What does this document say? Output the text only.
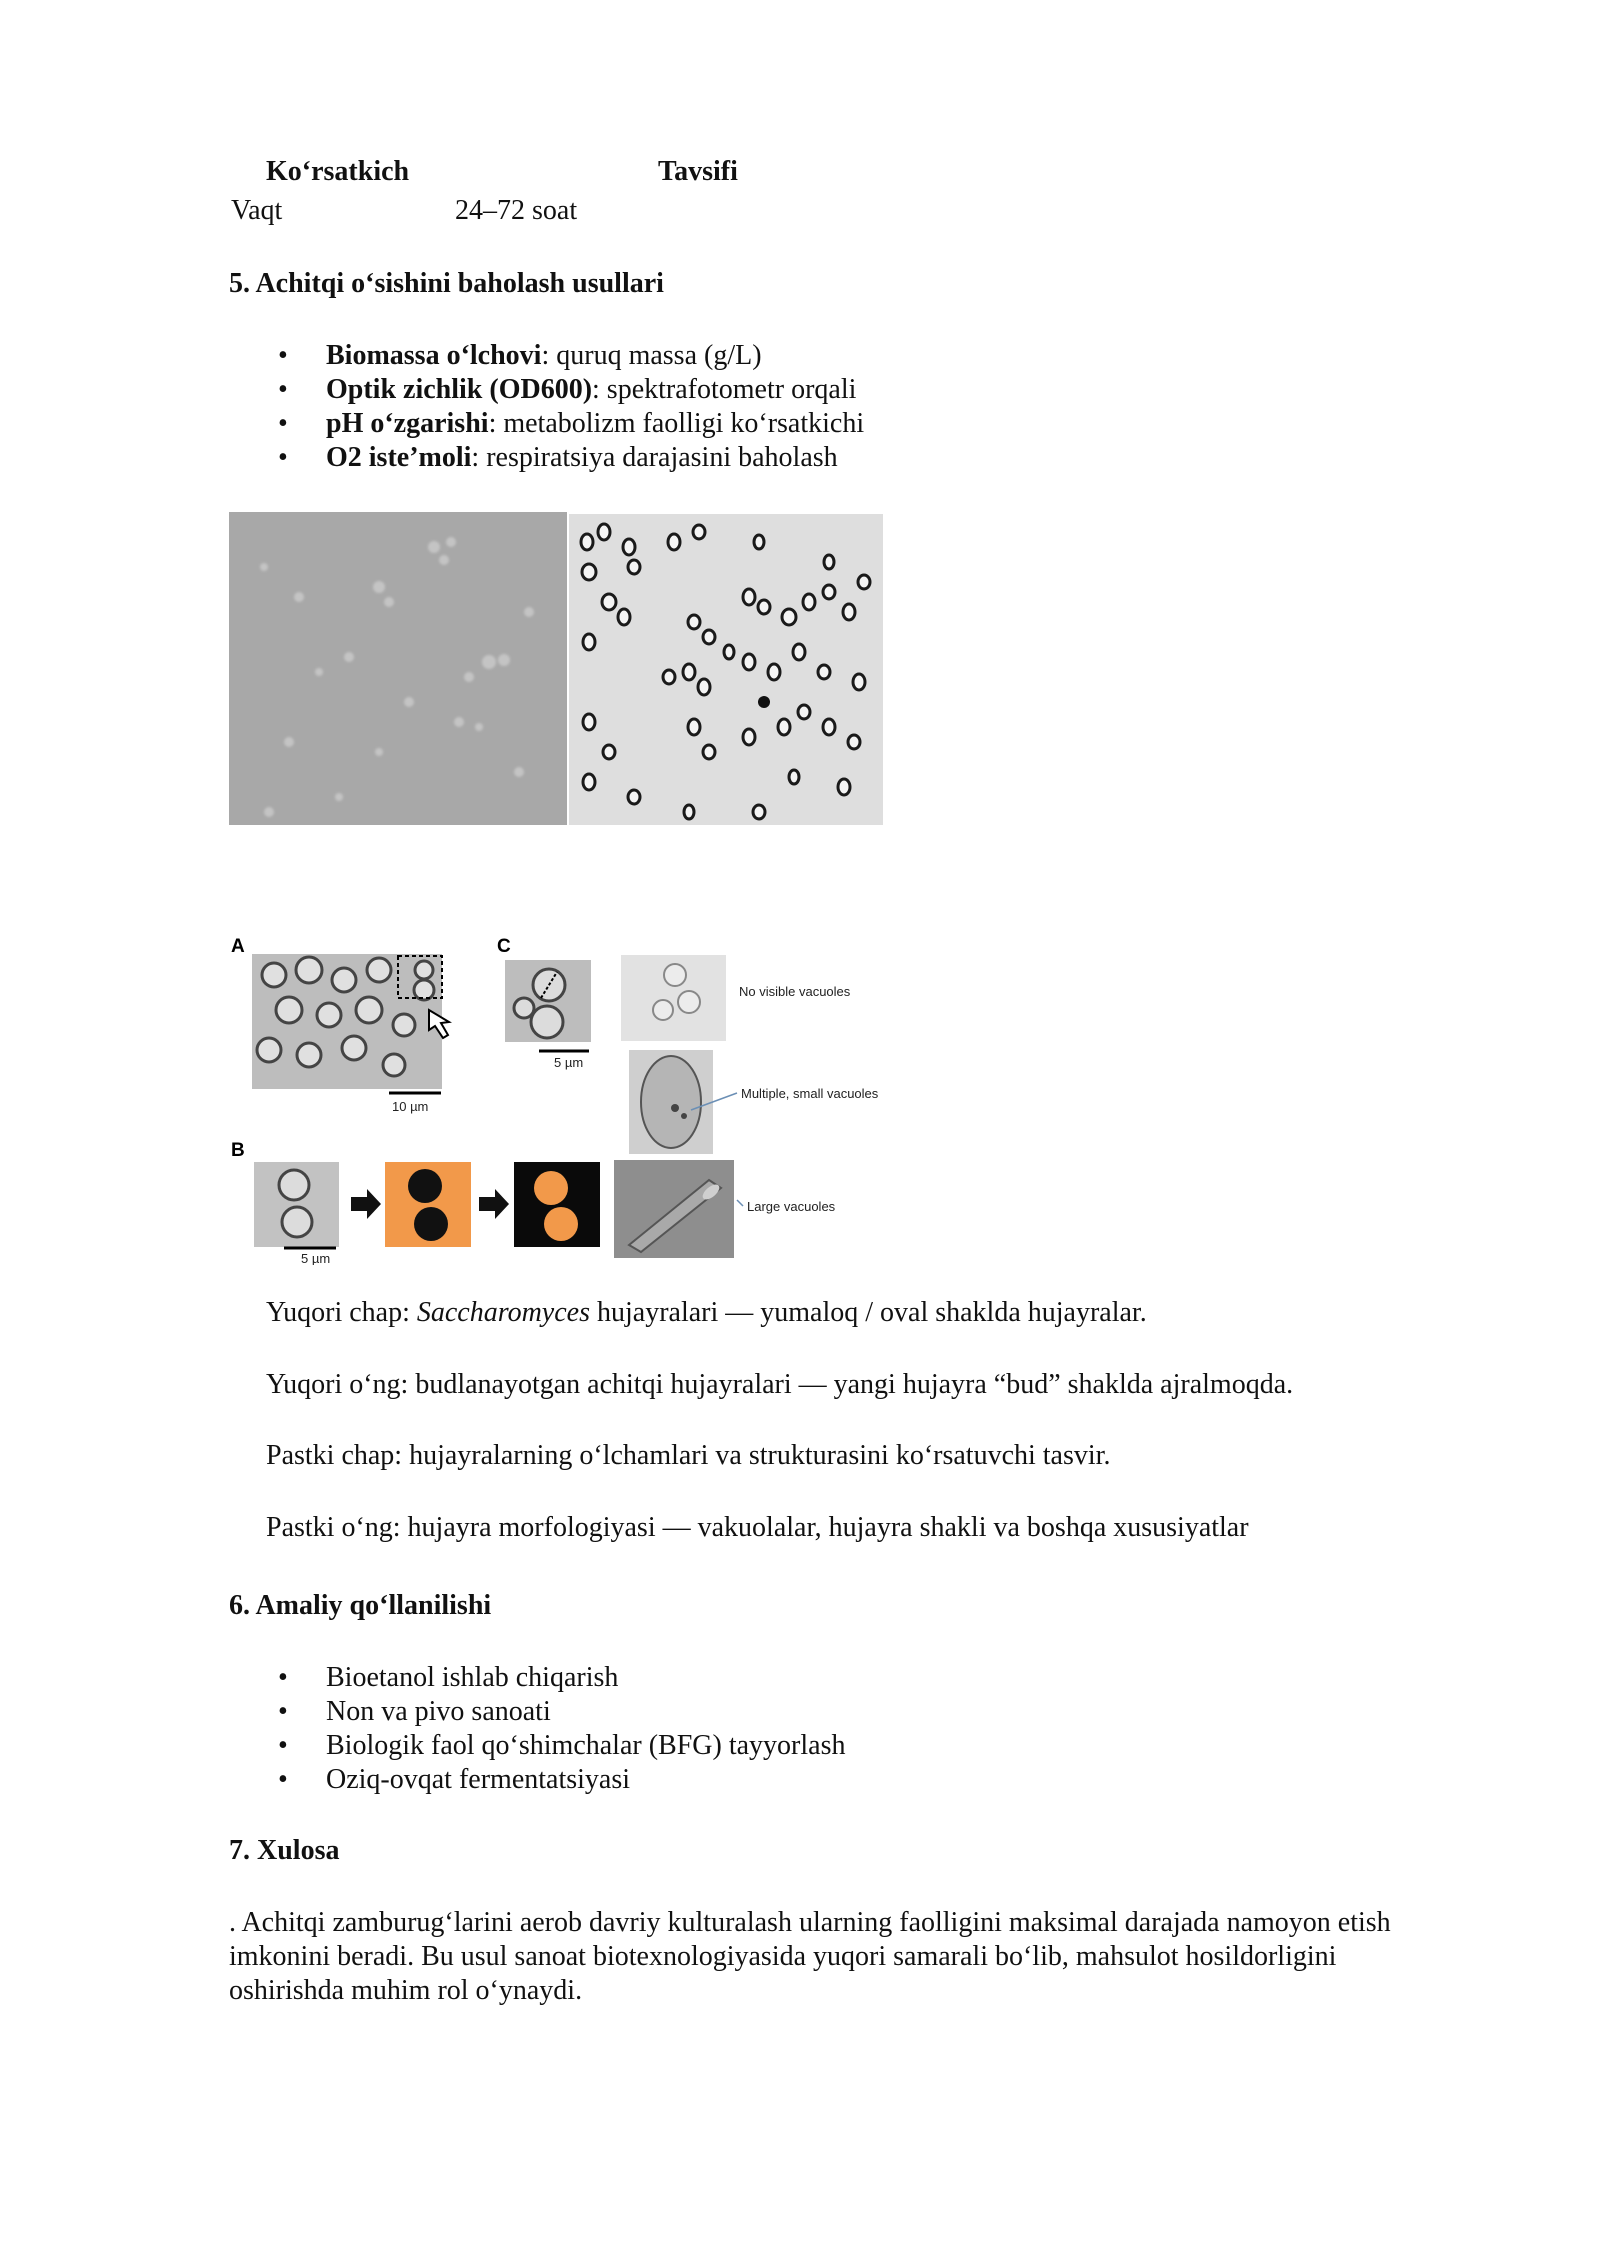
Koʻrsatkich	Tavsifi
Vaqt	24–72 soat
5. Achitqi oʻsishini baholash usullari
• Biomassa oʻlchovi: quruq massa (g/L)
• Optik zichlik (OD600): spektrafotometr orqali
• pH oʻzgarishi: metabolizm faolligi koʻrsatkichi
• O2 isteʼmoli: respiratsiya darajasini baholash
A	C
B
10 µm
5 µm
No visible vacuoles
Multiple, small vacuoles
Large vacuoles
5 µm
Yuqori chap: Saccharomyces hujayralari — yumaloq / oval shaklda hujayralar.
Yuqori oʻng: budlanayotgan achitqi hujayralari — yangi hujayra “bud” shaklda ajralmoqda.
Pastki chap: hujayralarning oʻlchamlari va strukturasini koʻrsatuvchi tasvir.
Pastki oʻng: hujayra morfologiyasi — vakuolalar, hujayra shakli va boshqa xususiyatlar
6. Amaliy qoʻllanilishi
• Bioetanol ishlab chiqarish
• Non va pivo sanoati
• Biologik faol qoʻshimchalar (BFG) tayyorlash
• Oziq-ovqat fermentatsiyasi
7. Xulosa
. Achitqi zamburugʻlarini aerob davriy kulturalash ularning faolligini maksimal darajada namoyon etish
imkonini beradi. Bu usul sanoat biotexnologiyasida yuqori samarali boʻlib, mahsulot hosildorligini
oshirishda muhim rol oʻynaydi.
